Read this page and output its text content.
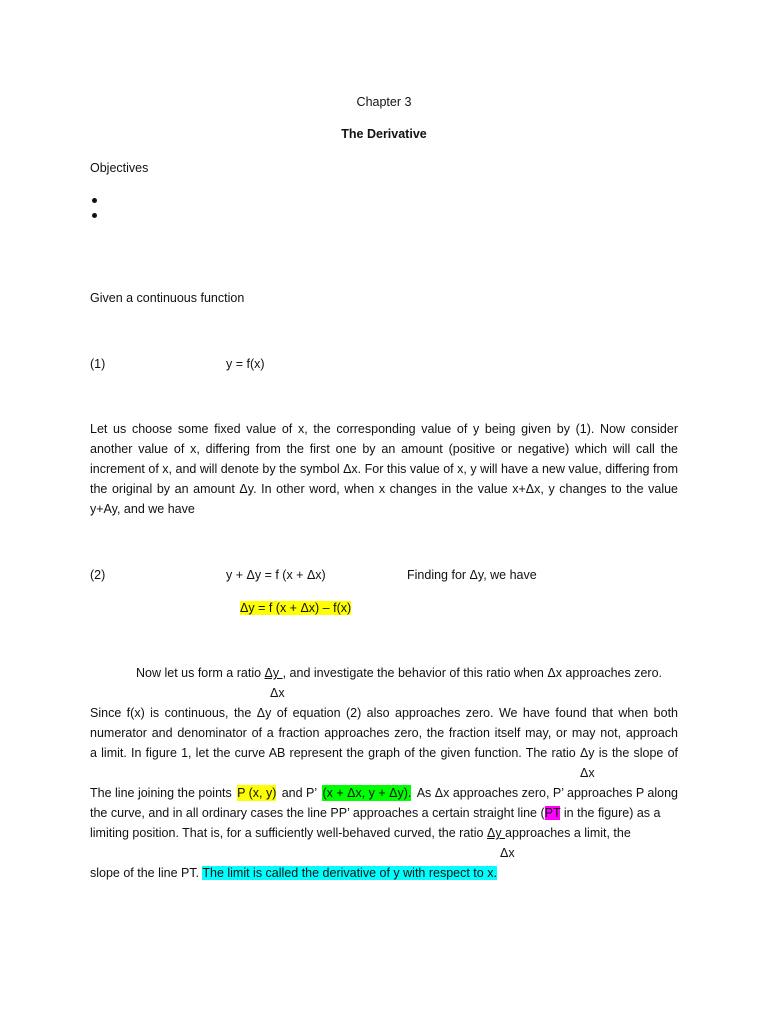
Chapter 3
The Derivative
Objectives
Given a continuous function
(1)	y = f(x)
Let us choose some fixed value of x, the corresponding value of y being given by (1). Now consider another value of x, differing from the first one by an amount (positive or negative) which will call the increment of x, and will denote by the symbol Δx. For this value of x, y will have a new value, differing from the original by an amount Δy. In other word, when x changes in the value x+Δx, y changes to the value y+Ay, and we have
(2)	y + Δy = f (x + Δx)	Finding for Δy, we have
Δy = f (x + Δx) – f(x)
Now let us form a ratio Δy , and investigate the behavior of this ratio when Δx approaches zero.
Δx
Since f(x) is continuous, the Δy of equation (2) also approaches zero. We have found that when both
numerator and denominator of a fraction approaches zero, the fraction itself may, or may not, approach
a limit. In figure 1, let the curve AB represent the graph of the given function. The ratio Δy is the slope of
Δx
The line joining the points P (x, y) and P’ (x + Δx, y + Δy). As Δx approaches zero, P’ approaches P along
the curve, and in all ordinary cases the line PP’ approaches a certain straight line (PT in the figure) as a
limiting position. That is, for a sufficiently well-behaved curved, the ratio Δy approaches a limit, the
Δx
slope of the line PT. The limit is called the derivative of y with respect to x.
